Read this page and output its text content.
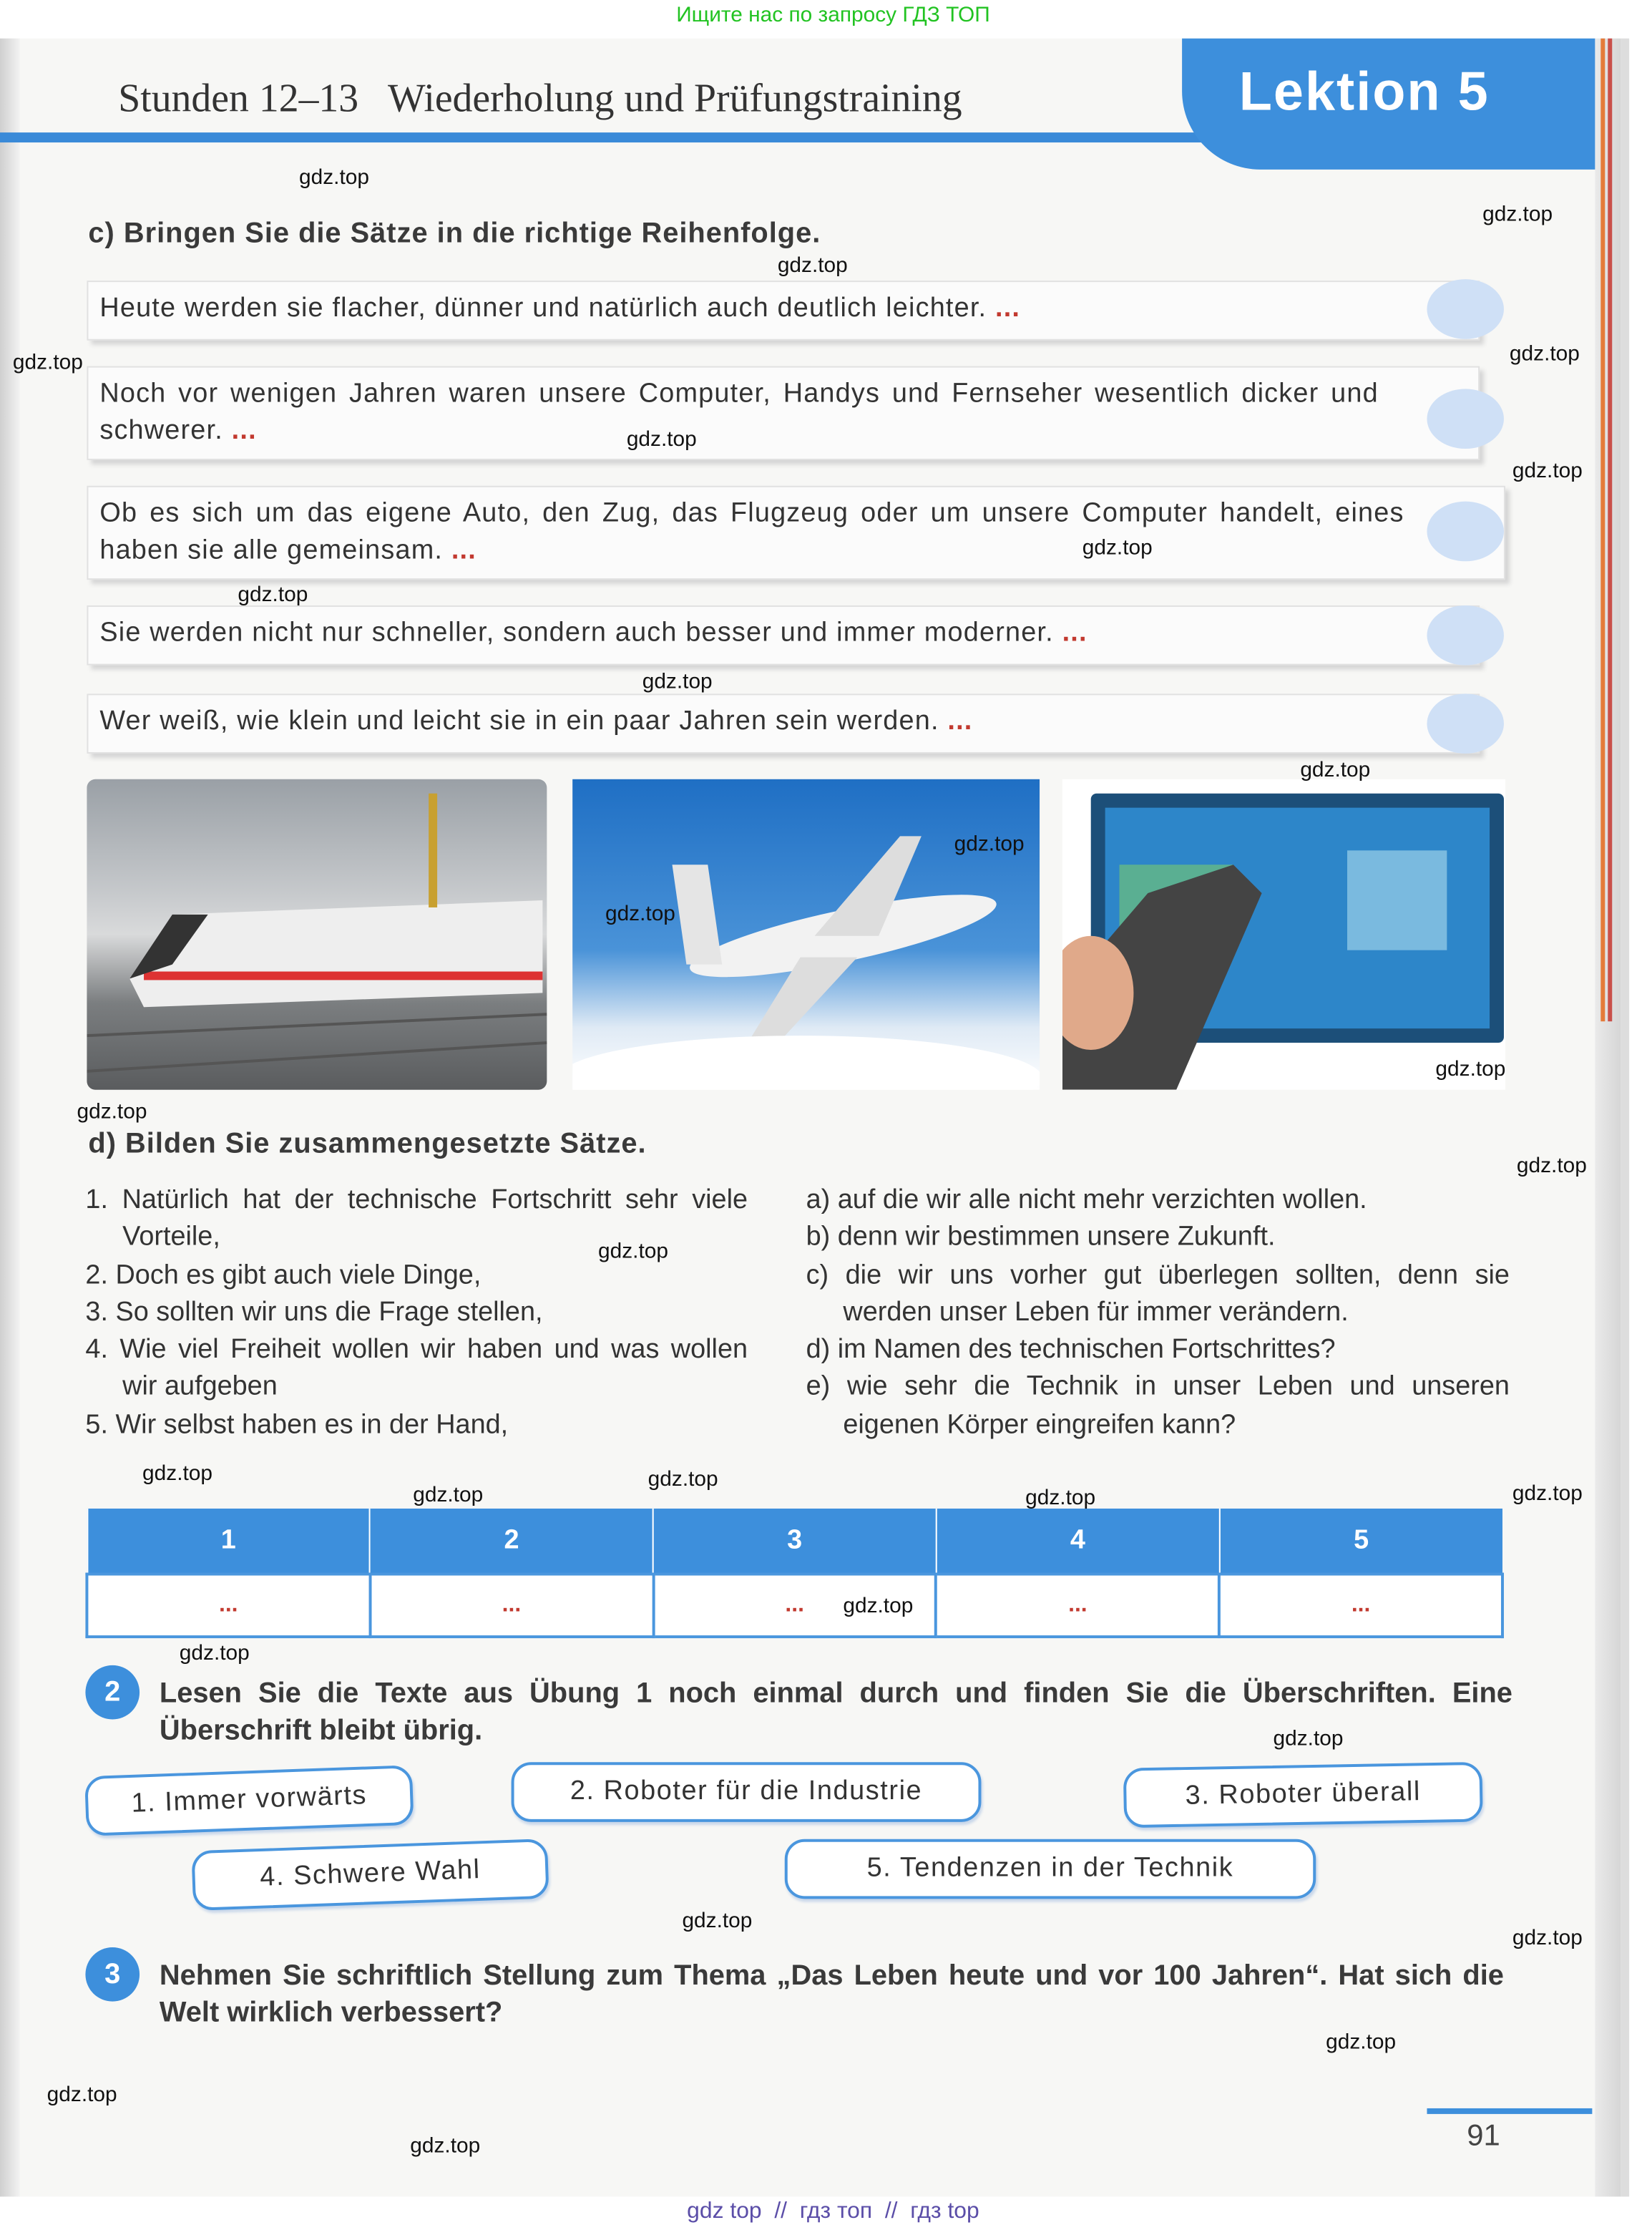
Ищите нас по запросу ГДЗ ТОП
Stunden 12–13   Wiederholung und Prüfungstraining	Lektion 5
c) Bringen Sie die Sätze in die richtige Reihenfolge.
Heute werden sie flacher, dünner und natürlich auch deutlich leichter. ...
Noch vor wenigen Jahren waren unsere Computer, Handys und Fernseher wesentlich dicker und schwerer. ...
Ob es sich um das eigene Auto, den Zug, das Flugzeug oder um unsere Computer handelt, eines haben sie alle gemeinsam. ...
Sie werden nicht nur schneller, sondern auch besser und immer moderner. ...
Wer weiß, wie klein und leicht sie in ein paar Jahren sein werden. ...
d) Bilden Sie zusammengesetzte Sätze.
1. Natürlich hat der technische Fortschritt sehr viele Vorteile,
2. Doch es gibt auch viele Dinge,
3. So sollten wir uns die Frage stellen,
4. Wie viel Freiheit wollen wir haben und was wollen wir aufgeben
5. Wir selbst haben es in der Hand,
a) auf die wir alle nicht mehr verzichten wollen.
b) denn wir bestimmen unsere Zukunft.
c) die wir uns vorher gut überlegen sollten, denn sie werden unser Leben für immer verändern.
d) im Namen des technischen Fortschrittes?
e) wie sehr die Technik in unser Leben und unseren eigenen Körper eingreifen kann?
1	2	3	4	5
...	...	...	...	...
2	Lesen Sie die Texte aus Übung 1 noch einmal durch und finden Sie die Überschriften. Eine Überschrift bleibt übrig.
1. Immer vorwärts	2. Roboter für die Industrie	3. Roboter überall
4. Schwere Wahl	5. Tendenzen in der Technik
3	Nehmen Sie schriftlich Stellung zum Thema „Das Leben heute und vor 100 Jahren“. Hat sich die Welt wirklich verbessert?
91
gdz.top
gdz.top
gdz.top
gdz.top
gdz.top
gdz.top
gdz.top
gdz.top
gdz.top
gdz.top
gdz.top
gdz.top
gdz.top
gdz.top
gdz.top
gdz.top
gdz.top
gdz.top
gdz.top
gdz.top
gdz.top
gdz.top
gdz.top
gdz.top
gdz.top
gdz.top
gdz.top
gdz.top
gdz.top
gdz.top
gdz top  //  гдз топ  //  гдз top
